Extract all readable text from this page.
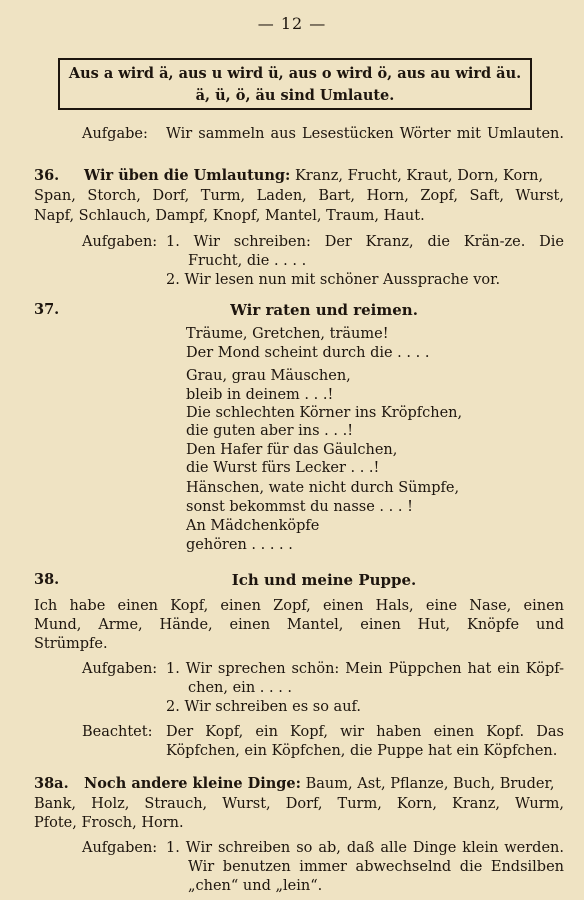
— 12 —
Aus a wird ä, aus u wird ü, aus o wird ö, aus au wird äu.
ä, ü, ö, äu sind Umlaute.
Aufgabe: Wir sammeln aus Lesestücken Wörter mit Umlauten.
36. Wir üben die Umlautung: Kranz, Frucht, Kraut, Dorn, Korn,
Span, Storch, Dorf, Turm, Laden, Bart, Horn, Zopf, Saft, Wurst,
Napf, Schlauch, Dampf, Knopf, Mantel, Traum, Haut.
Aufgaben: 1. Wir schreiben: Der Kranz, die Krän-ze. Die
Frucht, die . . . .
2. Wir lesen nun mit schöner Aussprache vor.
37.	Wir raten und reimen.
Träume, Gretchen, träume!
Der Mond scheint durch die . . . .
Grau, grau Mäuschen,
bleib in deinem . . .!
Die schlechten Körner ins Kröpfchen,
die guten aber ins . . .!
Den Hafer für das Gäulchen,
die Wurst fürs Lecker . . .!
Hänschen, wate nicht durch Sümpfe,
sonst bekommst du nasse . . . !
An Mädchenköpfe
gehören . . . . .
38.	Ich und meine Puppe.
Ich habe einen Kopf, einen Zopf, einen Hals, eine Nase, einen
Mund, Arme, Hände, einen Mantel, einen Hut, Knöpfe und
Strümpfe.
Aufgaben: 1. Wir sprechen schön: Mein Püppchen hat ein Köpf-
chen, ein . . . .
2. Wir schreiben es so auf.
Beachtet: Der Kopf, ein Kopf, wir haben einen Kopf. Das
Köpfchen, ein Köpfchen, die Puppe hat ein Köpfchen.
38a. Noch andere kleine Dinge: Baum, Ast, Pflanze, Buch, Bruder,
Bank, Holz, Strauch, Wurst, Dorf, Turm, Korn, Kranz, Wurm,
Pfote, Frosch, Horn.
Aufgaben: 1. Wir schreiben so ab, daß alle Dinge klein werden.
Wir benutzen immer abwechselnd die Endsilben
„chen“ und „lein“.
